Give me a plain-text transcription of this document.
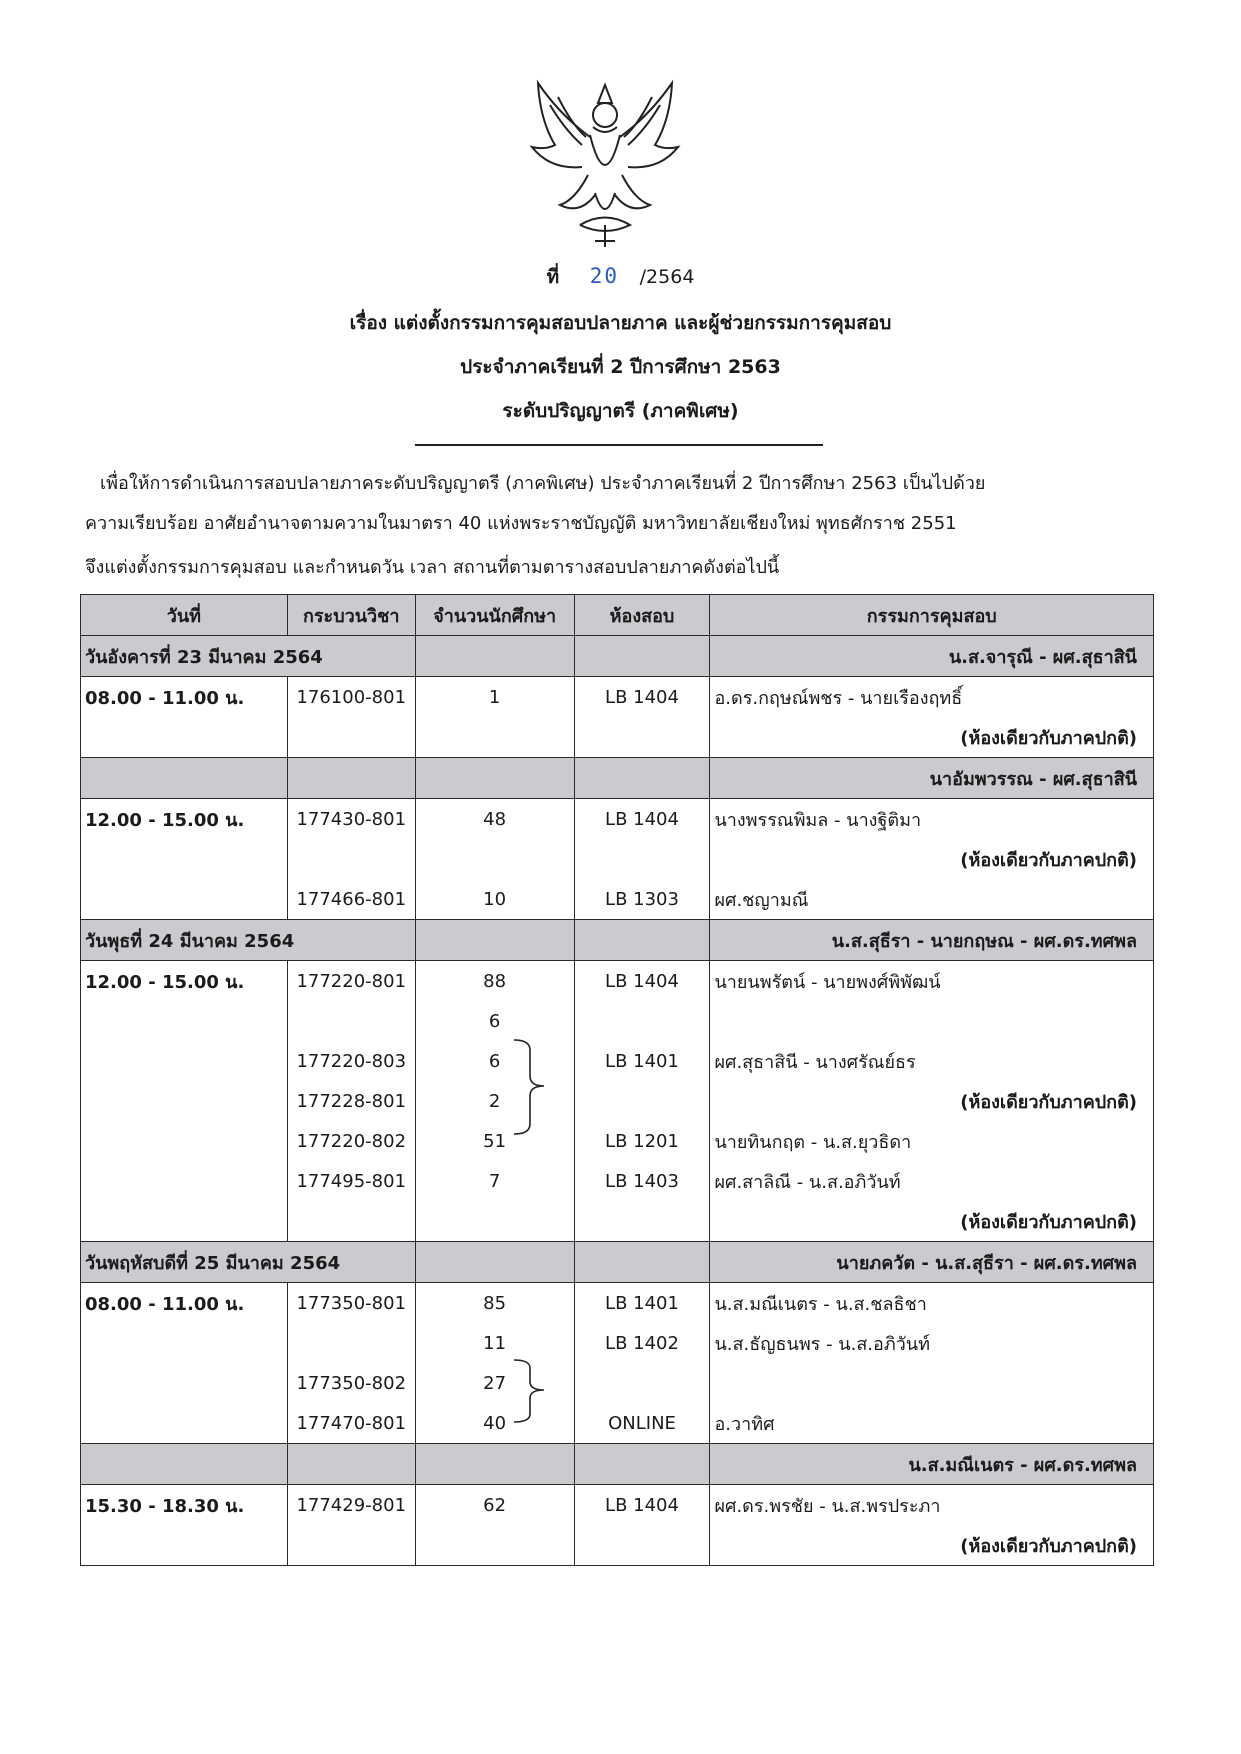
ที่ 20 /2564
เรื่อง แต่งตั้งกรรมการคุมสอบปลายภาค และผู้ช่วยกรรมการคุมสอบ
ประจำภาคเรียนที่ 2 ปีการศึกษา 2563
ระดับปริญญาตรี (ภาคพิเศษ)
เพื่อให้การดำเนินการสอบปลายภาคระดับปริญญาตรี (ภาคพิเศษ) ประจำภาคเรียนที่ 2 ปีการศึกษา 2563 เป็นไปด้วย
ความเรียบร้อย อาศัยอำนาจตามความในมาตรา 40 แห่งพระราชบัญญัติ มหาวิทยาลัยเชียงใหม่ พุทธศักราช 2551
จึงแต่งตั้งกรรมการคุมสอบ และกำหนดวัน เวลา สถานที่ตามตารางสอบปลายภาคดังต่อไปนี้
วันที่	กระบวนวิชา	จำนวนนักศึกษา	ห้องสอบ	กรรมการคุมสอบ
วันอังคารที่ 23 มีนาคม 2564				น.ส.จารุณี - ผศ.สุธาสินี
08.00 - 11.00 น.	176100-801	1	LB 1404	อ.ดร.กฤษณ์พชร - นายเรืองฤทธิ์
				(ห้องเดียวกับภาคปกติ)
				นาอัมพวรรณ - ผศ.สุธาสินี
12.00 - 15.00 น.	177430-801	48	LB 1404	นางพรรณพิมล - นางฐิติมา
				(ห้องเดียวกับภาคปกติ)
	177466-801	10	LB 1303	ผศ.ชญามณี
วันพุธที่ 24 มีนาคม 2564				น.ส.สุธีรา - นายกฤษณ - ผศ.ดร.ทศพล
12.00 - 15.00 น.	177220-801	88	LB 1404	นายนพรัตน์ - นายพงศ์พิพัฒน์
		6		
	177220-803	6	LB 1401	ผศ.สุธาสินี - นางศรัณย์ธร
	177228-801	2		(ห้องเดียวกับภาคปกติ)
	177220-802	51	LB 1201	นายทินกฤต - น.ส.ยุวธิดา
	177495-801	7	LB 1403	ผศ.สาลิณี - น.ส.อภิวันท์
				(ห้องเดียวกับภาคปกติ)
วันพฤหัสบดีที่ 25 มีนาคม 2564				นายภควัต - น.ส.สุธีรา - ผศ.ดร.ทศพล
08.00 - 11.00 น.	177350-801	85	LB 1401	น.ส.มณีเนตร - น.ส.ชลธิชา
		11	LB 1402	น.ส.ธัญธนพร - น.ส.อภิวันท์
	177350-802	27		
	177470-801	40	ONLINE	อ.วาทิศ
				น.ส.มณีเนตร - ผศ.ดร.ทศพล
15.30 - 18.30 น.	177429-801	62	LB 1404	ผศ.ดร.พรชัย - น.ส.พรประภา
				(ห้องเดียวกับภาคปกติ)
